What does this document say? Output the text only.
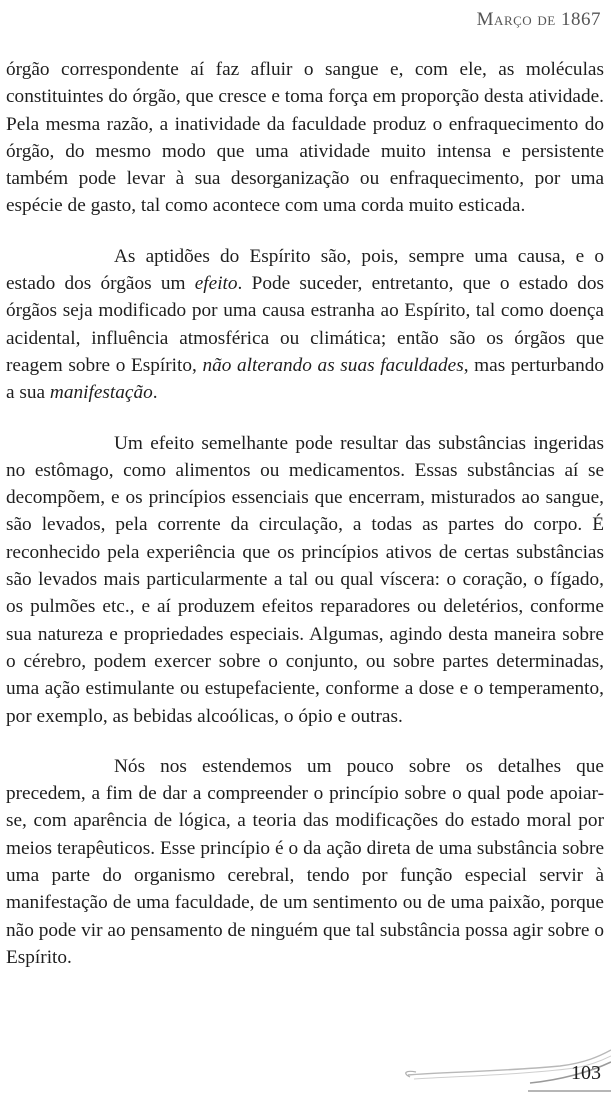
Março de 1867

órgão correspondente aí faz afluir o sangue e, com ele, as moléculas constituintes do órgão, que cresce e toma força em proporção desta atividade. Pela mesma razão, a inatividade da faculdade produz o enfraquecimento do órgão, do mesmo modo que uma atividade muito intensa e persistente também pode levar à sua desorganização ou enfraquecimento, por uma espécie de gasto, tal como acontece com uma corda muito esticada.

As aptidões do Espírito são, pois, sempre uma causa, e o estado dos órgãos um efeito. Pode suceder, entretanto, que o estado dos órgãos seja modificado por uma causa estranha ao Espírito, tal como doença acidental, influência atmosférica ou climática; então são os órgãos que reagem sobre o Espírito, não alterando as suas faculdades, mas perturbando a sua manifestação.

Um efeito semelhante pode resultar das substâncias ingeridas no estômago, como alimentos ou medicamentos. Essas substâncias aí se decompõem, e os princípios essenciais que encerram, misturados ao sangue, são levados, pela corrente da circulação, a todas as partes do corpo. É reconhecido pela experiência que os princípios ativos de certas substâncias são levados mais particularmente a tal ou qual víscera: o coração, o fígado, os pulmões etc., e aí produzem efeitos reparadores ou deletérios, conforme sua natureza e propriedades especiais. Algumas, agindo desta maneira sobre o cérebro, podem exercer sobre o conjunto, ou sobre partes determinadas, uma ação estimulante ou estupefaciente, conforme a dose e o temperamento, por exemplo, as bebidas alcoólicas, o ópio e outras.

Nós nos estendemos um pouco sobre os detalhes que precedem, a fim de dar a compreender o princípio sobre o qual pode apoiar-se, com aparência de lógica, a teoria das modificações do estado moral por meios terapêuticos. Esse princípio é o da ação direta de uma substância sobre uma parte do organismo cerebral, tendo por função especial servir à manifestação de uma faculdade, de um sentimento ou de uma paixão, porque não pode vir ao pensamento de ninguém que tal substância possa agir sobre o Espírito.

103
